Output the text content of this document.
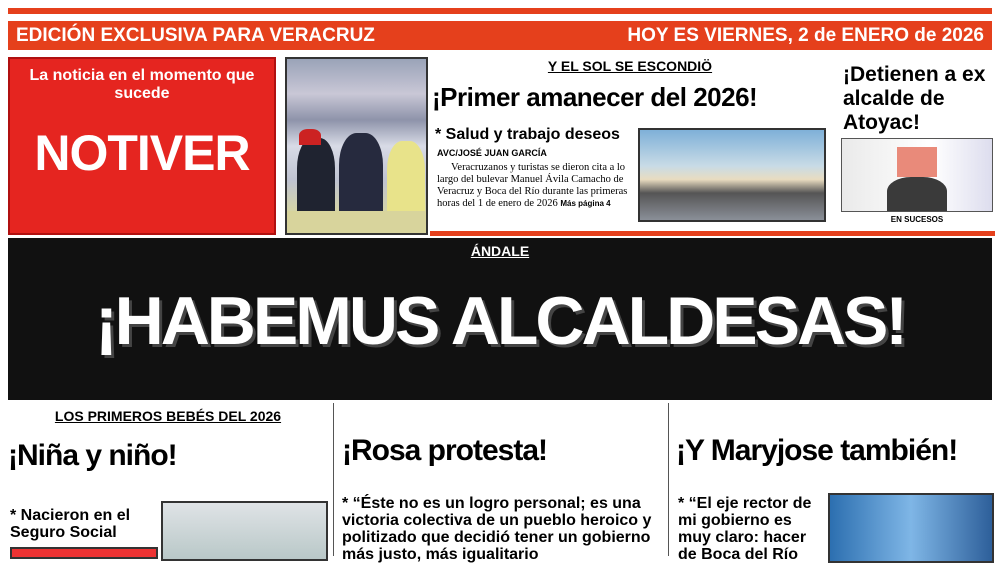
EDICIÓN EXCLUSIVA PARA VERACRUZ	HOY ES VIERNES, 2 de ENERO de 2026
La noticia en el momento que sucede
NOTIVER
Y EL SOL SE ESCONDIÖ
¡Primer amanecer del 2026!
* Salud y trabajo deseos
AVC/JOSÉ JUAN GARCÍA
Veracruzanos y turistas se dieron cita a lo largo del bulevar Manuel Ávila Camacho de Veracruz y Boca del Río durante las primeras horas del 1 de enero de 2026 Más página 4
¡Detienen a ex alcalde de Atoyac!
EN SUCESOS
ÁNDALE
¡HABEMUS ALCALDESAS!
LOS PRIMEROS BEBÉS DEL 2026
¡Niña y niño!
* Nacieron en el Seguro Social
¡Rosa protesta!
* “Éste no es un logro personal; es una victoria colectiva de un pueblo heroico y politizado que decidió tener un gobierno más justo, más igualitario
¡Y Maryjose también!
* “El eje rector de mi gobierno es muy claro: hacer de Boca del Río
